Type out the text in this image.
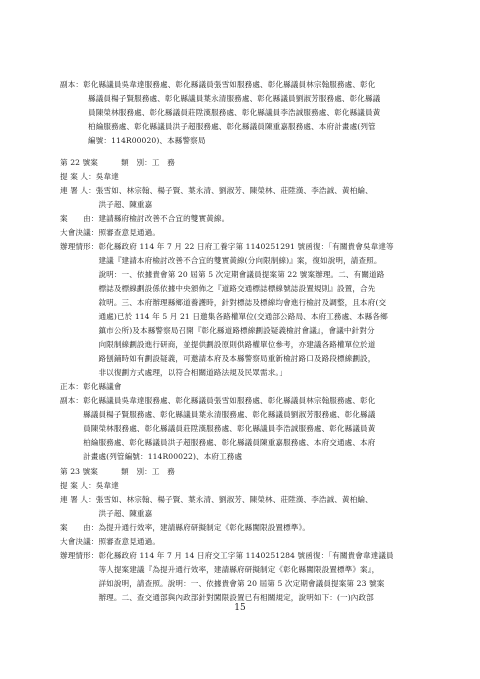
副本：彰化縣議員吳韋達服務處、彰化縣議員張雪如服務處、彰化縣議員林宗翰服務處、彰化
縣議員楊子賢服務處、彰化縣議員葉永清服務處、彰化縣議員劉淑芳服務處、彰化縣議
員陳榮林服務處、彰化縣議員莊陞漢服務處、彰化縣議員李浩誠服務處、彰化縣議員黃
柏綸服務處、彰化縣議員洪子超服務處、彰化縣議員陳重嘉服務處、本府計畫處(列管
編號：114R00020)、本縣警察局
第 22 號案　　　類　別：工　務
提 案 人：吳韋達
連 署 人：張雪如、林宗翰、楊子賢、葉永清、劉淑芳、陳榮林、莊陞漢、李浩誠、黃柏綸、
　　　　　洪子超、陳重嘉
案　　由：建請縣府檢討改善不合宜的雙實黃線。
大會決議：照審查意見通過。
辦理情形：彰化縣政府 114 年 7 月 22 日府工養字第 1140251291 號函復：「有關貴會吳韋達等
　　　　　建議『建請本府檢討改善不合宜的雙實黃線(分向限制線)』案，復如說明，請查照。
　　　　　說明：一、依據貴會第 20 屆第 5 次定期會議員提案第 22 號案辦理。二、有關道路
　　　　　標誌及標線劃設係依據中央頒佈之『道路交通標誌標線號誌設置規則』設置，合先
　　　　　敘明。三、本府辦理縣鄉道養護時，針對標誌及標線均會進行檢討及調整，且本府(交
　　　　　通處)已於 114 年 5 月 21 日邀集各路權單位(交通部公路局、本府工務處、本縣各鄉
　　　　　鎮市公所)及本縣警察局召開『彰化縣道路標線劃設疑義檢討會議』，會議中針對分
　　　　　向限制線劃設進行研商，並提供劃設原則供路權單位參考，亦建議各路權單位於道
　　　　　路刨鋪時如有劃設疑義，可邀請本府及本縣警察局重新檢討路口及路段標線劃設，
　　　　　非以復劃方式處理，以符合相關道路法規及民眾需求。」
正本：彰化縣議會
副本：彰化縣議員吳韋達服務處、彰化縣議員張雪如服務處、彰化縣議員林宗翰服務處、彰化
　　　縣議員楊子賢服務處、彰化縣議員葉永清服務處、彰化縣議員劉淑芳服務處、彰化縣議
　　　員陳榮林服務處、彰化縣議員莊陞漢服務處、彰化縣議員李浩誠服務處、彰化縣議員黃
　　　柏綸服務處、彰化縣議員洪子超服務處、彰化縣議員陳重嘉服務處、本府交通處、本府
　　　計畫處(列管編號：114R00022)、本府工務處
第 23 號案　　　類　別：工　務
提 案 人：吳韋達
連 署 人：張雪如、林宗翰、楊子賢、葉永清、劉淑芳、陳榮林、莊陞漢、李浩誠、黃柏綸、
　　　　　洪子超、陳重嘉
案　　由：為提升通行效率，建請縣府研擬制定《彰化縣闖限設置標準》。
大會決議：照審查意見通過。
辦理情形：彰化縣政府 114 年 7 月 14 日府交工字第 1140251284 號函復：「有關貴會韋達議員
　　　　　等人提案建議『為提升通行效率，建請縣府研擬制定《彰化縣闖限設置標準》案』，
　　　　　詳如說明，請查照。說明：一、依據貴會第 20 屆第 5 次定期會議員提案第 23 號案
　　　　　辦理。二、查交通部與內政部針對闖限設置已有相關規定，說明如下：(一)內政部
15
